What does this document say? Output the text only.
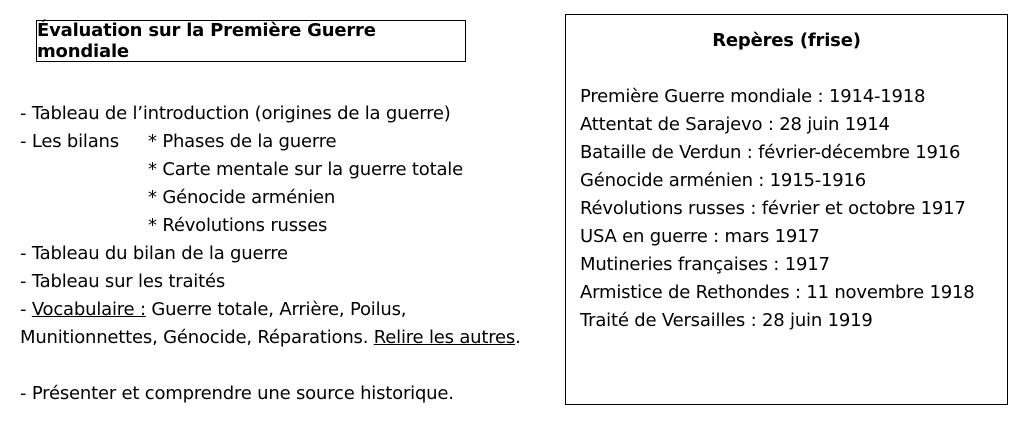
Évaluation sur la Première Guerre mondiale
- Tableau de l’introduction (origines de la guerre)
- Les bilans	* Phases de la guerre
* Carte mentale sur la guerre totale
* Génocide arménien
* Révolutions russes
- Tableau du bilan de la guerre
- Tableau sur les traités
- Vocabulaire : Guerre totale, Arrière, Poilus,
Munitionnettes, Génocide, Réparations. Relire les autres.
- Présenter et comprendre une source historique.
Repères (frise)
Première Guerre mondiale : 1914-1918
Attentat de Sarajevo : 28 juin 1914
Bataille de Verdun : février-décembre 1916
Génocide arménien : 1915-1916
Révolutions russes : février et octobre 1917
USA en guerre : mars 1917
Mutineries françaises : 1917
Armistice de Rethondes : 11 novembre 1918
Traité de Versailles : 28 juin 1919
